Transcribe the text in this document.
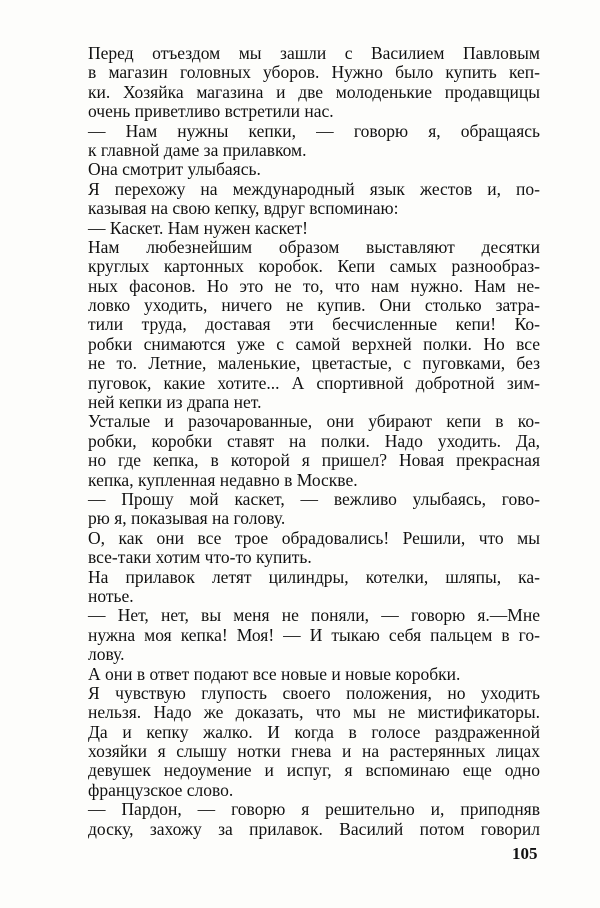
Перед отъездом мы зашли с Василием Павловым
в магазин головных уборов. Нужно было купить кеп-
ки. Хозяйка магазина и две молоденькие продавщицы
очень приветливо встретили нас.
— Нам нужны кепки, — говорю я, обращаясь
к главной даме за прилавком.
Она смотрит улыбаясь.
Я перехожу на международный язык жестов и, по-
казывая на свою кепку, вдруг вспоминаю:
— Каскет. Нам нужен каскет!
Нам любезнейшим образом выставляют десятки
круглых картонных коробок. Кепи самых разнообраз-
ных фасонов. Но это не то, что нам нужно. Нам не-
ловко уходить, ничего не купив. Они столько затра-
тили труда, доставая эти бесчисленные кепи! Ко-
робки снимаются уже с самой верхней полки. Но все
не то. Летние, маленькие, цветастые, с пуговками, без
пуговок, какие хотите... А спортивной добротной зим-
ней кепки из драпа нет.
Усталые и разочарованные, они убирают кепи в ко-
робки, коробки ставят на полки. Надо уходить. Да,
но где кепка, в которой я пришел? Новая прекрасная
кепка, купленная недавно в Москве.
— Прошу мой каскет, — вежливо улыбаясь, гово-
рю я, показывая на голову.
О, как они все трое обрадовались! Решили, что мы
все-таки хотим что-то купить.
На прилавок летят цилиндры, котелки, шляпы, ка-
нотье.
— Нет, нет, вы меня не поняли, — говорю я.—Мне
нужна моя кепка! Моя! — И тыкаю себя пальцем в го-
лову.
А они в ответ подают все новые и новые коробки.
Я чувствую глупость своего положения, но уходить
нельзя. Надо же доказать, что мы не мистификаторы.
Да и кепку жалко. И когда в голосе раздраженной
хозяйки я слышу нотки гнева и на растерянных лицах
девушек недоумение и испуг, я вспоминаю еще одно
французское слово.
— Пардон, — говорю я решительно и, приподняв
доску, захожу за прилавок. Василий потом говорил
105
